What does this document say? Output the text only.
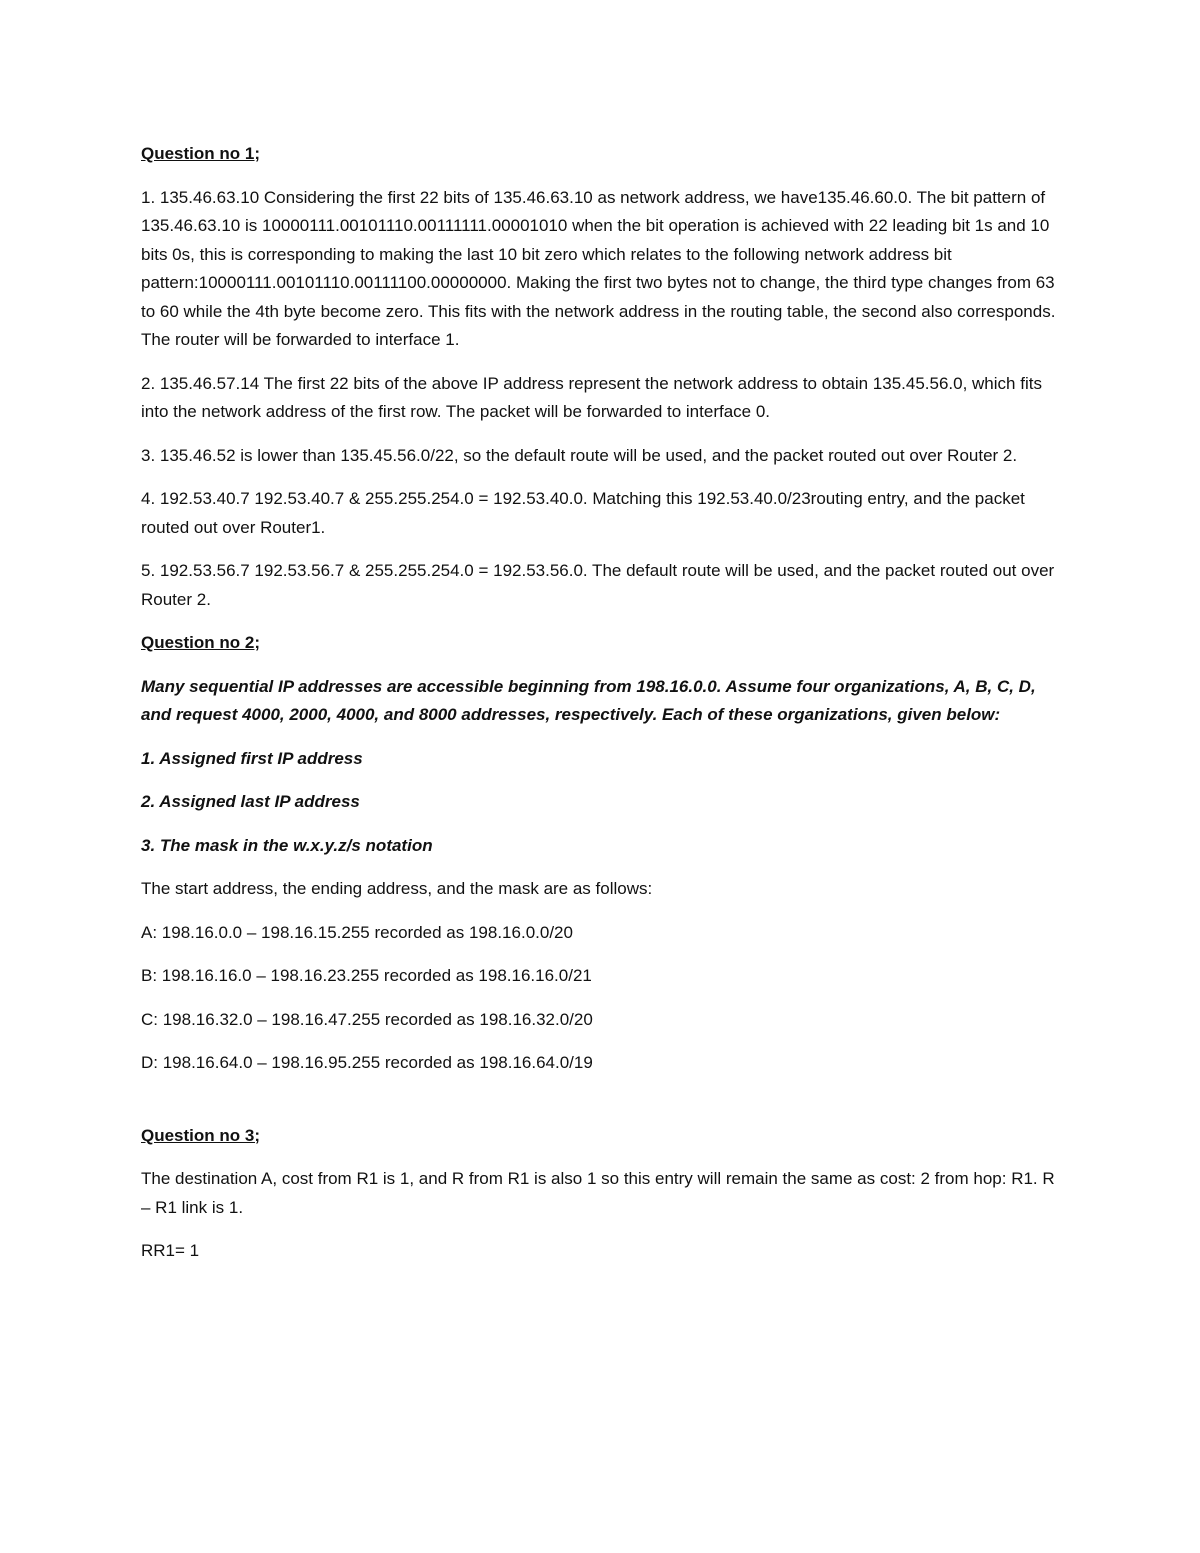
Question no 1;

1. 135.46.63.10 Considering the first 22 bits of 135.46.63.10 as network address, we have135.46.60.0. The bit pattern of 135.46.63.10 is 10000111.00101110.00111111.00001010 when the bit operation is achieved with 22 leading bit 1s and 10 bits 0s, this is corresponding to making the last 10 bit zero which relates to the following network address bit pattern:10000111.00101110.00111100.00000000. Making the first two bytes not to change, the third type changes from 63 to 60 while the 4th byte become zero. This fits with the network address in the routing table, the second also corresponds. The router will be forwarded to interface 1.

2. 135.46.57.14 The first 22 bits of the above IP address represent the network address to obtain 135.45.56.0, which fits into the network address of the first row. The packet will be forwarded to interface 0.

3. 135.46.52 is lower than 135.45.56.0/22, so the default route will be used, and the packet routed out over Router 2.

4. 192.53.40.7 192.53.40.7 & 255.255.254.0 = 192.53.40.0. Matching this 192.53.40.0/23routing entry, and the packet routed out over Router1.

5. 192.53.56.7 192.53.56.7 & 255.255.254.0 = 192.53.56.0. The default route will be used, and the packet routed out over Router 2.

Question no 2;

Many sequential IP addresses are accessible beginning from 198.16.0.0. Assume four organizations, A, B, C, D, and request 4000, 2000, 4000, and 8000 addresses, respectively. Each of these organizations, given below:

1. Assigned first IP address

2. Assigned last IP address

3. The mask in the w.x.y.z/s notation

The start address, the ending address, and the mask are as follows:

A: 198.16.0.0 – 198.16.15.255 recorded as 198.16.0.0/20

B: 198.16.16.0 – 198.16.23.255 recorded as 198.16.16.0/21

C: 198.16.32.0 – 198.16.47.255 recorded as 198.16.32.0/20

D: 198.16.64.0 – 198.16.95.255 recorded as 198.16.64.0/19

Question no 3;

The destination A, cost from R1 is 1, and R from R1 is also 1 so this entry will remain the same as cost: 2 from hop: R1. R – R1 link is 1.

RR1= 1
